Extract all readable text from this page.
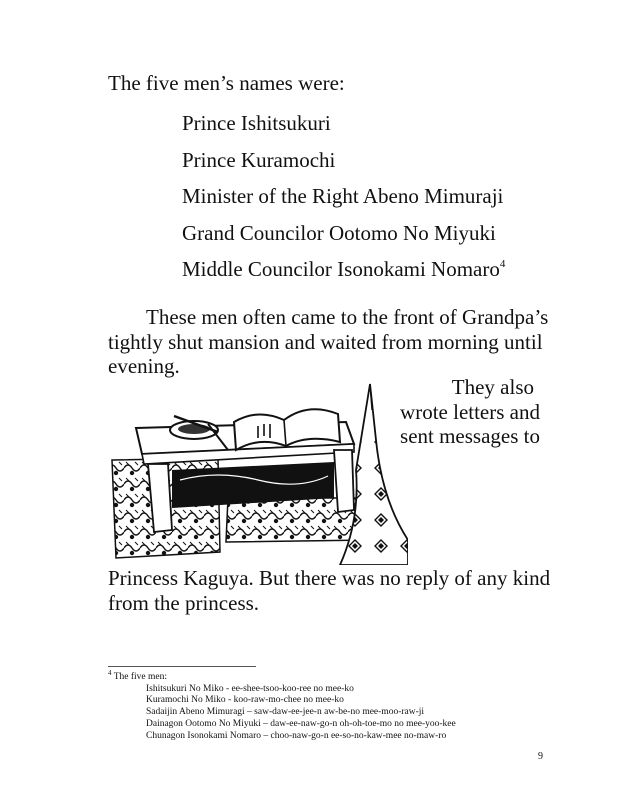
The five men’s names were:
Prince Ishitsukuri
Prince Kuramochi
Minister of the Right Abeno Mimuraji
Grand Councilor Ootomo No Miyuki
Middle Councilor Isonokami Nomaro$^4$
These men often came to the front of Grandpa’s
tightly shut mansion and waited from morning until
evening.
They also
wrote letters and
sent messages to
Princess Kaguya. But there was no reply of any kind
from the princess.
$^4$ The five men:
Ishitsukuri No Miko - ee-shee-tsoo-koo-ree no mee-ko
Kuramochi No Miko - koo-raw-mo-chee no mee-ko
Sadaijin Abeno Mimuragi – saw-daw-ee-jee-n aw-be-no mee-moo-raw-ji
Dainagon Ootomo No Miyuki – daw-ee-naw-go-n oh-oh-toe-mo no mee-yoo-kee
Chunagon Isonokami Nomaro – choo-naw-go-n ee-so-no-kaw-mee no-maw-ro
9
